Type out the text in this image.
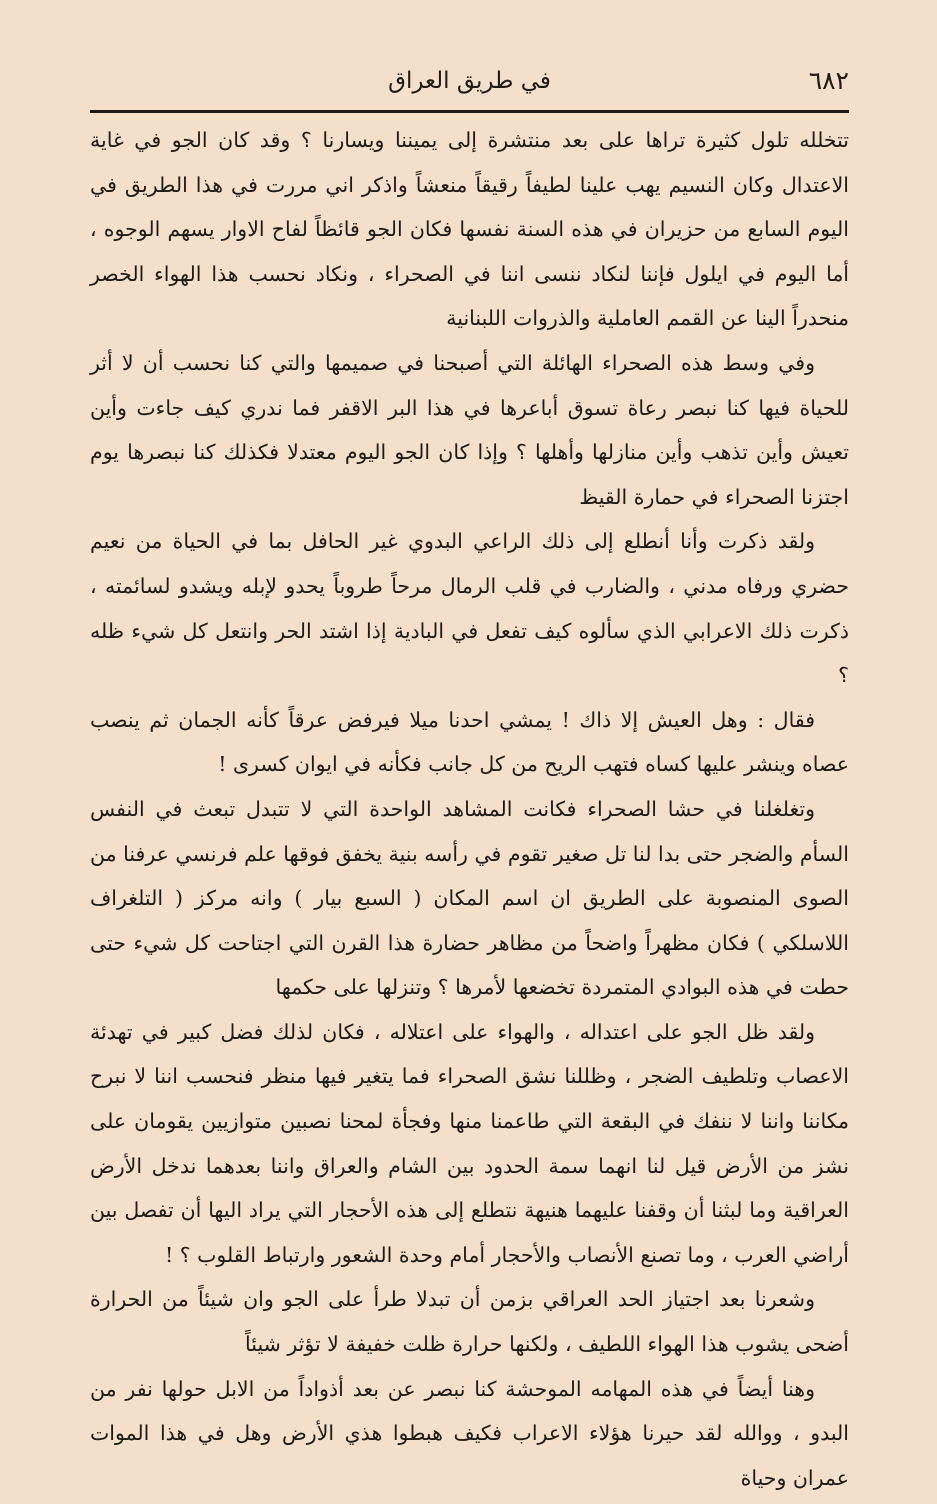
٦٨٢
في طريق العراق

تتخلله تلول كثيرة تراها على بعد منتشرة إلى يميننا ويسارنا ؟ وقد كان الجو في غاية الاعتدال وكان النسيم يهب علينا لطيفاً رقيقاً منعشاً واذكر اني مررت في هذا الطريق في اليوم السابع من حزيران في هذه السنة نفسها فكان الجو قائظاً لفاح الاوار يسهم الوجوه ، أما اليوم في ايلول فإننا لنكاد ننسى اننا في الصحراء ، ونكاد نحسب هذا الهواء الخصر منحدراً الينا عن القمم العاملية والذروات اللبنانية

وفي وسط هذه الصحراء الهائلة التي أصبحنا في صميمها والتي كنا نحسب أن لا أثر للحياة فيها كنا نبصر رعاة تسوق أباعرها في هذا البر الاقفر فما ندري كيف جاءت وأين تعيش وأين تذهب وأين منازلها وأهلها ؟ وإذا كان الجو اليوم معتدلا فكذلك كنا نبصرها يوم اجتزنا الصحراء في حمارة القيظ

ولقد ذكرت وأنا أنطلع إلى ذلك الراعي البدوي غير الحافل بما في الحياة من نعيم حضري ورفاه مدني ، والضارب في قلب الرمال مرحاً طروباً يحدو لإبله ويشدو لسائمته ، ذكرت ذلك الاعرابي الذي سألوه كيف تفعل في البادية إذا اشتد الحر وانتعل كل شيء ظله ؟

فقال : وهل العيش إلا ذاك ! يمشي احدنا ميلا فيرفض عرقاً كأنه الجمان ثم ينصب عصاه وينشر عليها كساه فتهب الريح من كل جانب فكأنه في ايوان كسرى !

وتغلغلنا في حشا الصحراء فكانت المشاهد الواحدة التي لا تتبدل تبعث في النفس السأم والضجر حتى بدا لنا تل صغير تقوم في رأسه بنية يخفق فوقها علم فرنسي عرفنا من الصوى المنصوبة على الطريق ان اسم المكان ( السبع بيار ) وانه مركز ( التلغراف اللاسلكي ) فكان مظهراً واضحاً من مظاهر حضارة هذا القرن التي اجتاحت كل شيء حتى حطت في هذه البوادي المتمردة تخضعها لأمرها ؟ وتنزلها على حكمها

ولقد ظل الجو على اعتداله ، والهواء على اعتلاله ، فكان لذلك فضل كبير في تهدئة الاعصاب وتلطيف الضجر ، وظللنا نشق الصحراء فما يتغير فيها منظر فنحسب اننا لا نبرح مكاننا واننا لا ننفك في البقعة التي طاعمنا منها وفجأة لمحنا نصبين متوازيين يقومان على نشز من الأرض قيل لنا انهما سمة الحدود بين الشام والعراق واننا بعدهما ندخل الأرض العراقية وما لبثنا أن وقفنا عليهما هنيهة نتطلع إلى هذه الأحجار التي يراد اليها أن تفصل بين أراضي العرب ، وما تصنع الأنصاب والأحجار أمام وحدة الشعور وارتباط القلوب ؟ !

وشعرنا بعد اجتياز الحد العراقي بزمن أن تبدلا طرأ على الجو وان شيئاً من الحرارة أضحى يشوب هذا الهواء اللطيف ، ولكنها حرارة ظلت خفيفة لا تؤثر شيئاً

وهنا أيضاً في هذه المهامه الموحشة كنا نبصر عن بعد أذواداً من الابل حولها نفر من البدو ، ووالله لقد حيرنا هؤلاء الاعراب فكيف هبطوا هذي الأرض وهل في هذا الموات عمران وحياة
